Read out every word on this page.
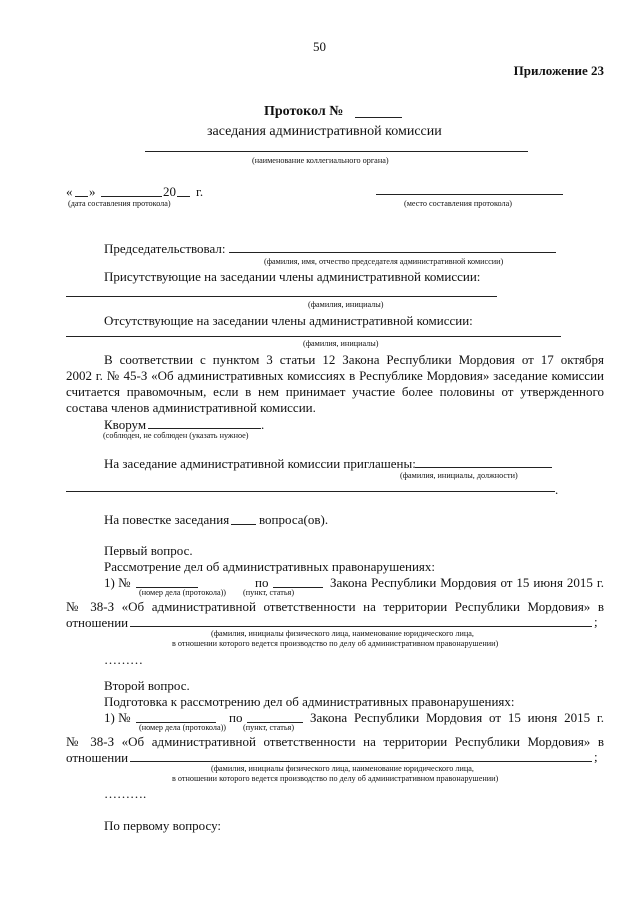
50
Приложение 23
Протокол №
заседания административной комиссии
(наименование коллегиального органа)
« »	20 г.
(дата составления протокола)	(место составления протокола)
Председательствовал:
(фамилия, имя, отчество председателя административной комиссии)
Присутствующие на заседании члены административной комиссии:
(фамилия, инициалы)
Отсутствующие на заседании члены административной комиссии:
(фамилия, инициалы)
В соответствии с пунктом 3 статьи 12 Закона Республики Мордовия от 17 октября
2002 г. № 45-З «Об административных комиссиях в Республике Мордовия» заседание комиссии
считается правомочным, если в нем принимает участие более половины от утвержденного
состава членов административной комиссии.
Кворум	.
(соблюден, не соблюден (указать нужное)
На заседание административной комиссии приглашены:
(фамилия, инициалы, должности)
.
На повестке заседания вопроса(ов).
Первый вопрос.
Рассмотрение дел об административных правонарушениях:
1) №	по	Закона Республики Мордовия от 15 июня 2015 г.
(номер дела (протокола)) (пункт, статья)
№ 38-З «Об административной ответственности на территории Республики Мордовия» в
отношении	;
(фамилия, инициалы физического лица, наименование юридического лица,
в отношении которого ведется производство по делу об административном правонарушении)
………
Второй вопрос.
Подготовка к рассмотрению дел об административных правонарушениях:
1) №	по	Закона Республики Мордовия от 15 июня 2015 г.
(номер дела (протокола)) (пункт, статья)
№ 38-З «Об административной ответственности на территории Республики Мордовия» в
отношении	;
(фамилия, инициалы физического лица, наименование юридического лица,
в отношении которого ведется производство по делу об административном правонарушении)
……….
По первому вопросу:
